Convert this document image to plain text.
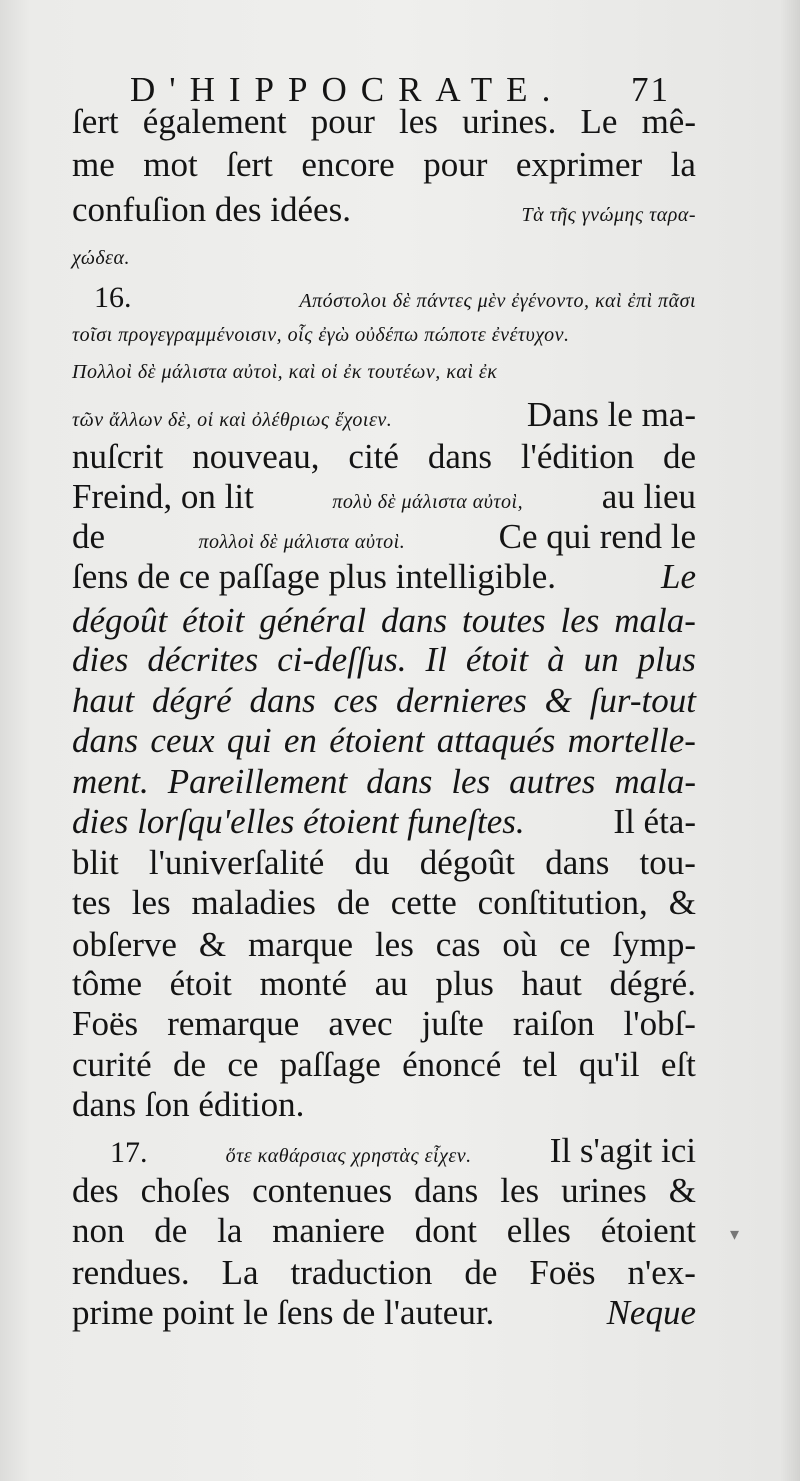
D'HIPPOCRATE. 71
ſert également pour les urines. Le mê-
me mot ſert encore pour exprimer la
confuſion des idées.	Τὰ τῆς γνώμης ταρα-
χώδεα.
16.	Απόστολοι δὲ πάντες μὲν ἐγένοντο, καὶ ἐπὶ πᾶσι
τοῖσι προγεγραμμένοισιν, οἷς ἐγὼ οὐδέπω πώποτε ἐνέτυχον.
Πολλοὶ δὲ μάλιστα αὐτοὶ, καὶ οἱ ἐκ τουτέων, καὶ ἐκ
τῶν ἄλλων δὲ, οἱ καὶ ὀλέθριως ἔχοιεν.	Dans le ma-
nuſcrit nouveau, cité dans l'édition de
Freind, on lit	πολὺ δὲ μάλιστα αὐτοὶ, au lieu
de	πολλοὶ δὲ μάλιστα αὐτοὶ.	Ce qui rend le
ſens de ce paſſage plus intelligible.	Le
dégoût étoit général dans toutes les mala-
dies décrites ci-deſſus. Il étoit à un plus
haut dégré dans ces dernieres & ſur-tout
dans ceux qui en étoient attaqués mortelle-
ment. Pareillement dans les autres mala-
dies lorſqu'elles étoient funeſtes.	Il éta-
blit l'univerſalité du dégoût dans tou-
tes les maladies de cette conſtitution, &
obſerve & marque les cas où ce ſymp-
tôme étoit monté au plus haut dégré.
Foës remarque avec juſte raiſon l'obſ-
curité de ce paſſage énoncé tel qu'il eſt
dans ſon édition.
17.	ὅτε καθάρσιας χρηστὰς εἶχεν. Il s'agit ici
des choſes contenues dans les urines &
non de la maniere dont elles étoient
rendues. La traduction de Foës n'ex-
prime point le ſens de l'auteur.	Neque
▾
